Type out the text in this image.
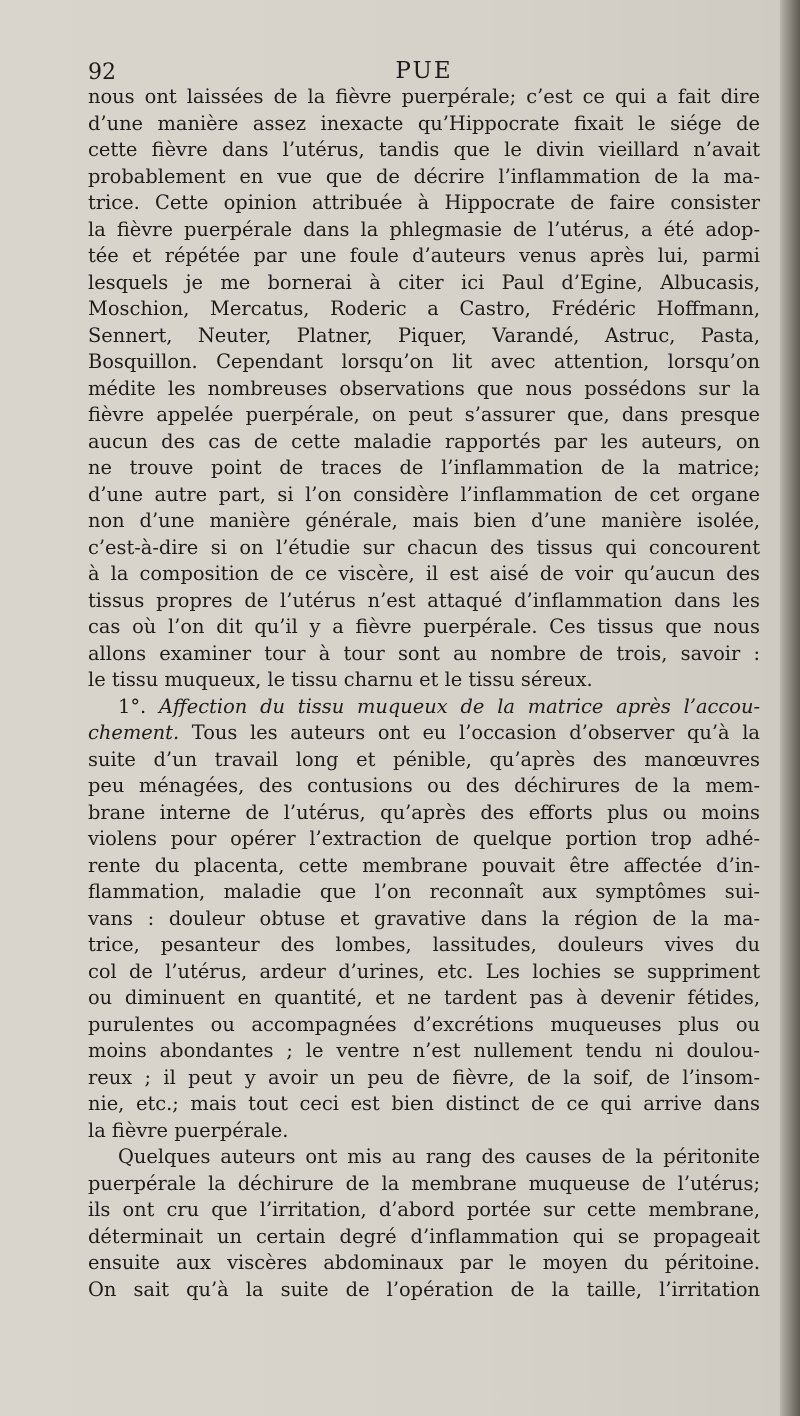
92	PUE
nous ont laissées de la fièvre puerpérale; c’est ce qui a fait dire
d’une manière assez inexacte qu’Hippocrate fixait le siége de
cette fièvre dans l’utérus, tandis que le divin vieillard n’avait
probablement en vue que de décrire l’inflammation de la ma-
trice. Cette opinion attribuée à Hippocrate de faire consister
la fièvre puerpérale dans la phlegmasie de l’utérus, a été adop-
tée et répétée par une foule d’auteurs venus après lui, parmi
lesquels je me bornerai à citer ici Paul d’Egine, Albucasis,
Moschion, Mercatus, Roderic a Castro, Frédéric Hoffmann,
Sennert, Neuter, Platner, Piquer, Varandé, Astruc, Pasta,
Bosquillon. Cependant lorsqu’on lit avec attention, lorsqu’on
médite les nombreuses observations que nous possédons sur la
fièvre appelée puerpérale, on peut s’assurer que, dans presque
aucun des cas de cette maladie rapportés par les auteurs, on
ne trouve point de traces de l’inflammation de la matrice;
d’une autre part, si l’on considère l’inflammation de cet organe
non d’une manière générale, mais bien d’une manière isolée,
c’est-à-dire si on l’étudie sur chacun des tissus qui concourent
à la composition de ce viscère, il est aisé de voir qu’aucun des
tissus propres de l’utérus n’est attaqué d’inflammation dans les
cas où l’on dit qu’il y a fièvre puerpérale. Ces tissus que nous
allons examiner tour à tour sont au nombre de trois, savoir :
le tissu muqueux, le tissu charnu et le tissu séreux.
1°. Affection du tissu muqueux de la matrice après l’accou-
chement. Tous les auteurs ont eu l’occasion d’observer qu’à la
suite d’un travail long et pénible, qu’après des manœuvres
peu ménagées, des contusions ou des déchirures de la mem-
brane interne de l’utérus, qu’après des efforts plus ou moins
violens pour opérer l’extraction de quelque portion trop adhé-
rente du placenta, cette membrane pouvait être affectée d’in-
flammation, maladie que l’on reconnaît aux symptômes sui-
vans : douleur obtuse et gravative dans la région de la ma-
trice, pesanteur des lombes, lassitudes, douleurs vives du
col de l’utérus, ardeur d’urines, etc. Les lochies se suppriment
ou diminuent en quantité, et ne tardent pas à devenir fétides,
purulentes ou accompagnées d’excrétions muqueuses plus ou
moins abondantes ; le ventre n’est nullement tendu ni doulou-
reux ; il peut y avoir un peu de fièvre, de la soif, de l’insom-
nie, etc.; mais tout ceci est bien distinct de ce qui arrive dans
la fièvre puerpérale.
Quelques auteurs ont mis au rang des causes de la péritonite
puerpérale la déchirure de la membrane muqueuse de l’utérus;
ils ont cru que l’irritation, d’abord portée sur cette membrane,
déterminait un certain degré d’inflammation qui se propageait
ensuite aux viscères abdominaux par le moyen du péritoine.
On sait qu’à la suite de l’opération de la taille, l’irritation
